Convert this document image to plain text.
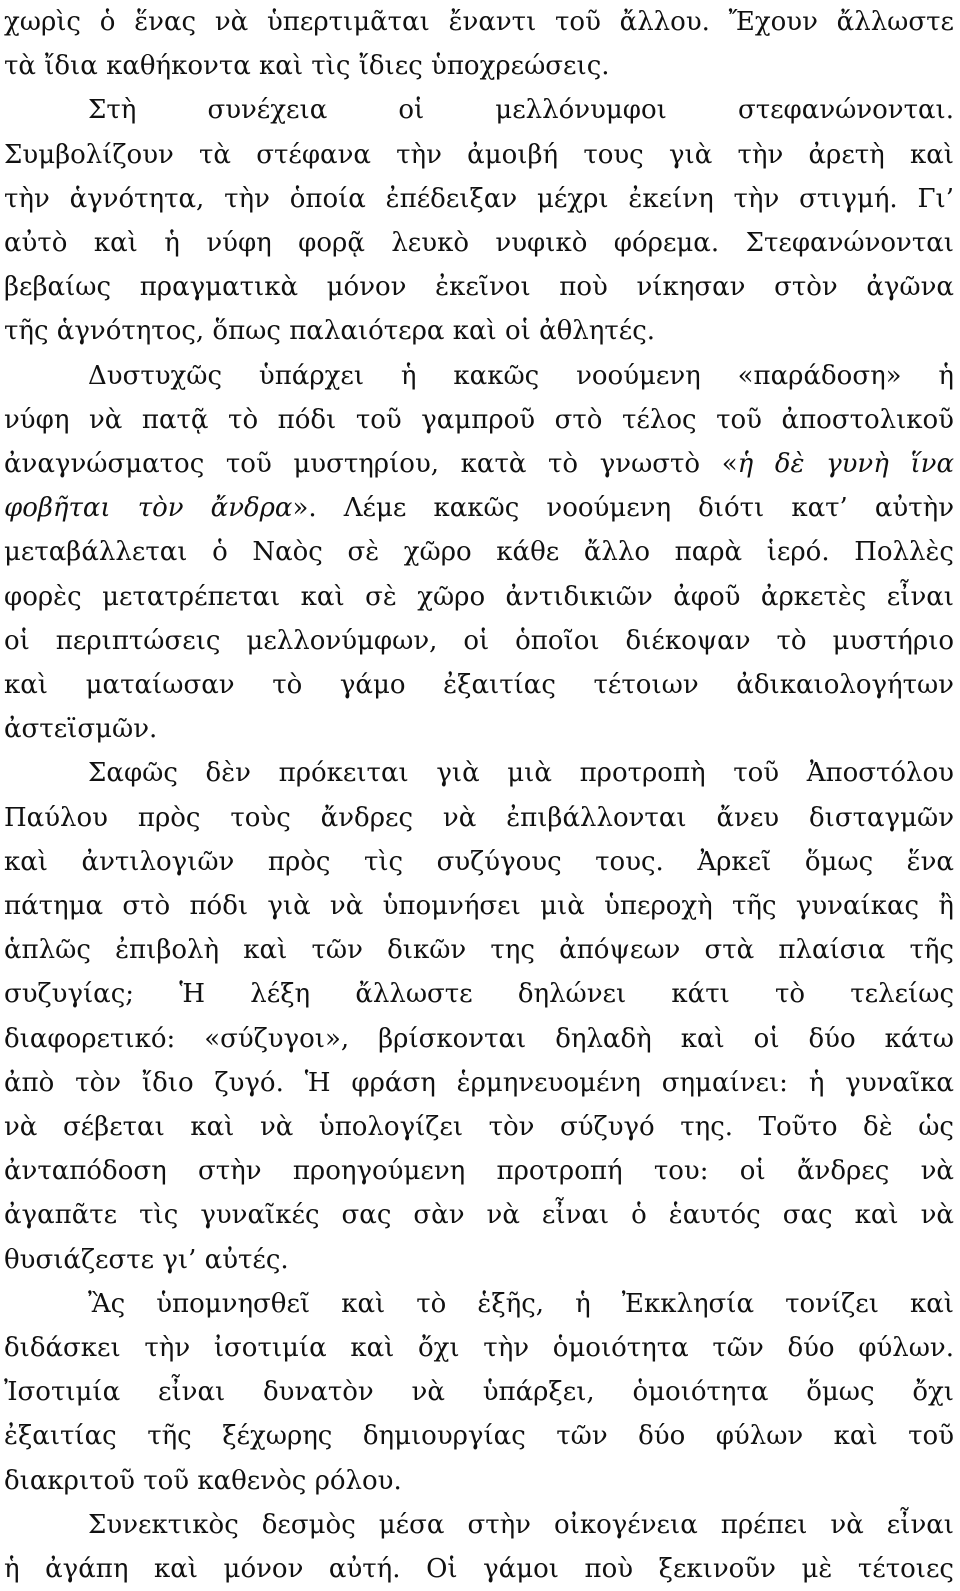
χωρὶς ὁ ἕνας νὰ ὑπερτιμᾶται ἔναντι τοῦ ἄλλου. Ἔχουν ἄλλωστε
τὰ ἴδια καθήκοντα καὶ τὶς ἴδιες ὑποχρεώσεις.
Στὴ συνέχεια οἱ μελλόνυμφοι στεφανώνονται.
Συμβολίζουν τὰ στέφανα τὴν ἀμοιβή τους γιὰ τὴν ἀρετὴ καὶ
τὴν ἁγνότητα, τὴν ὁποία ἐπέδειξαν μέχρι ἐκείνη τὴν στιγμή. Γι’
αὐτὸ καὶ ἡ νύφη φορᾷ λευκὸ νυφικὸ φόρεμα. Στεφανώνονται
βεβαίως πραγματικὰ μόνον ἐκεῖνοι ποὺ νίκησαν στὸν ἀγῶνα
τῆς ἁγνότητος, ὅπως παλαιότερα καὶ οἱ ἀθλητές.
Δυστυχῶς ὑπάρχει ἡ κακῶς νοούμενη «παράδοση» ἡ
νύφη νὰ πατᾷ τὸ πόδι τοῦ γαμπροῦ στὸ τέλος τοῦ ἀποστολικοῦ
ἀναγνώσματος τοῦ μυστηρίου, κατὰ τὸ γνωστὸ «ἡ δὲ γυνὴ ἵνα
φοβῆται τὸν ἄνδρα». Λέμε κακῶς νοούμενη διότι κατ’ αὐτὴν
μεταβάλλεται ὁ Ναὸς σὲ χῶρο κάθε ἄλλο παρὰ ἱερό. Πολλὲς
φορὲς μετατρέπεται καὶ σὲ χῶρο ἀντιδικιῶν ἀφοῦ ἀρκετὲς εἶναι
οἱ περιπτώσεις μελλονύμφων, οἱ ὁποῖοι διέκοψαν τὸ μυστήριο
καὶ ματαίωσαν τὸ γάμο ἐξαιτίας τέτοιων ἀδικαιολογήτων
ἀστεϊσμῶν.
Σαφῶς δὲν πρόκειται γιὰ μιὰ προτροπὴ τοῦ Ἀποστόλου
Παύλου πρὸς τοὺς ἄνδρες νὰ ἐπιβάλλονται ἄνευ δισταγμῶν
καὶ ἀντιλογιῶν πρὸς τὶς συζύγους τους. Ἀρκεῖ ὅμως ἕνα
πάτημα στὸ πόδι γιὰ νὰ ὑπομνήσει μιὰ ὑπεροχὴ τῆς γυναίκας ἢ
ἁπλῶς ἐπιβολὴ καὶ τῶν δικῶν της ἀπόψεων στὰ πλαίσια τῆς
συζυγίας; Ἡ λέξη ἄλλωστε δηλώνει κάτι τὸ τελείως
διαφορετικό: «σύζυγοι», βρίσκονται δηλαδὴ καὶ οἱ δύο κάτω
ἀπὸ τὸν ἴδιο ζυγό. Ἡ φράση ἑρμηνευομένη σημαίνει: ἡ γυναῖκα
νὰ σέβεται καὶ νὰ ὑπολογίζει τὸν σύζυγό της. Τοῦτο δὲ ὡς
ἀνταπόδοση στὴν προηγούμενη προτροπή του: οἱ ἄνδρες νὰ
ἀγαπᾶτε τὶς γυναῖκές σας σὰν νὰ εἶναι ὁ ἑαυτός σας καὶ νὰ
θυσιάζεστε γι’ αὐτές.
Ἂς ὑπομνησθεῖ καὶ τὸ ἑξῆς, ἡ Ἐκκλησία τονίζει καὶ
διδάσκει τὴν ἰσοτιμία καὶ ὄχι τὴν ὁμοιότητα τῶν δύο φύλων.
Ἰσοτιμία εἶναι δυνατὸν νὰ ὑπάρξει, ὁμοιότητα ὅμως ὄχι
ἐξαιτίας τῆς ξέχωρης δημιουργίας τῶν δύο φύλων καὶ τοῦ
διακριτοῦ τοῦ καθενὸς ρόλου.
Συνεκτικὸς δεσμὸς μέσα στὴν οἰκογένεια πρέπει νὰ εἶναι
ἡ ἀγάπη καὶ μόνον αὐτή. Οἱ γάμοι ποὺ ξεκινοῦν μὲ τέτοιες
